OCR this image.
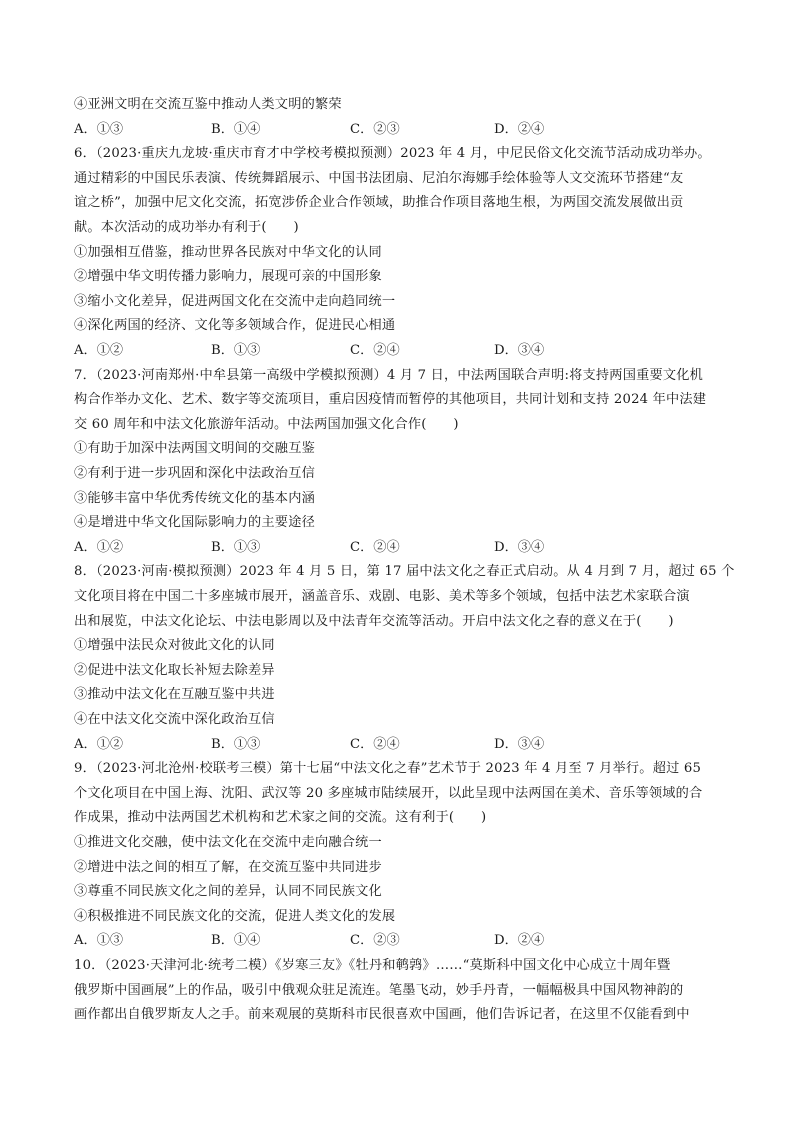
④亚洲文明在交流互鉴中推动人类文明的繁荣
A．①③	B．①④	C．②③	D．②④
6．（2023·重庆九龙坡·重庆市育才中学校考模拟预测）2023 年 4 月，中尼民俗文化交流节活动成功举办。
通过精彩的中国民乐表演、传统舞蹈展示、中国书法团扇、尼泊尔海娜手绘体验等人文交流环节搭建“友
谊之桥”，加强中尼文化交流，拓宽涉侨企业合作领域，助推合作项目落地生根，为两国交流发展做出贡
献。本次活动的成功举办有利于(　　)
①加强相互借鉴，推动世界各民族对中华文化的认同
②增强中华文明传播力影响力，展现可亲的中国形象
③缩小文化差异，促进两国文化在交流中走向趋同统一
④深化两国的经济、文化等多领域合作，促进民心相通
A．①②	B．①③	C．②④	D．③④
7．（2023·河南郑州·中牟县第一高级中学模拟预测）4 月 7 日，中法两国联合声明:将支持两国重要文化机
构合作举办文化、艺术、数字等交流项目，重启因疫情而暂停的其他项目，共同计划和支持 2024 年中法建
交 60 周年和中法文化旅游年活动。中法两国加强文化合作(　　)
①有助于加深中法两国文明间的交融互鉴
②有利于进一步巩固和深化中法政治互信
③能够丰富中华优秀传统文化的基本内涵
④是增进中华文化国际影响力的主要途径
A．①②	B．①③	C．②④	D．③④
8．（2023·河南·模拟预测）2023 年 4 月 5 日，第 17 届中法文化之春正式启动。从 4 月到 7 月，超过 65 个
文化项目将在中国二十多座城市展开，涵盖音乐、戏剧、电影、美术等多个领域，包括中法艺术家联合演
出和展览，中法文化论坛、中法电影周以及中法青年交流等活动。开启中法文化之春的意义在于(　　)
①增强中法民众对彼此文化的认同
②促进中法文化取长补短去除差异
③推动中法文化在互融互鉴中共进
④在中法文化交流中深化政治互信
A．①②	B．①③	C．②④	D．③④
9．（2023·河北沧州·校联考三模）第十七届“中法文化之春”艺术节于 2023 年 4 月至 7 月举行。超过 65
个文化项目在中国上海、沈阳、武汉等 20 多座城市陆续展开，以此呈现中法两国在美术、音乐等领域的合
作成果，推动中法两国艺术机构和艺术家之间的交流。这有利于(　　)
①推进文化交融，使中法文化在交流中走向融合统一
②增进中法之间的相互了解，在交流互鉴中共同进步
③尊重不同民族文化之间的差异，认同不同民族文化
④积极推进不同民族文化的交流，促进人类文化的发展
A．①③	B．①④	C．②③	D．②④
10．（2023·天津河北·统考二模）《岁寒三友》《牡丹和鹌鹑》……“莫斯科中国文化中心成立十周年暨
俄罗斯中国画展”上的作品，吸引中俄观众驻足流连。笔墨飞动，妙手丹青，一幅幅极具中国风物神韵的
画作都出自俄罗斯友人之手。前来观展的莫斯科市民很喜欢中国画，他们告诉记者，在这里不仅能看到中
